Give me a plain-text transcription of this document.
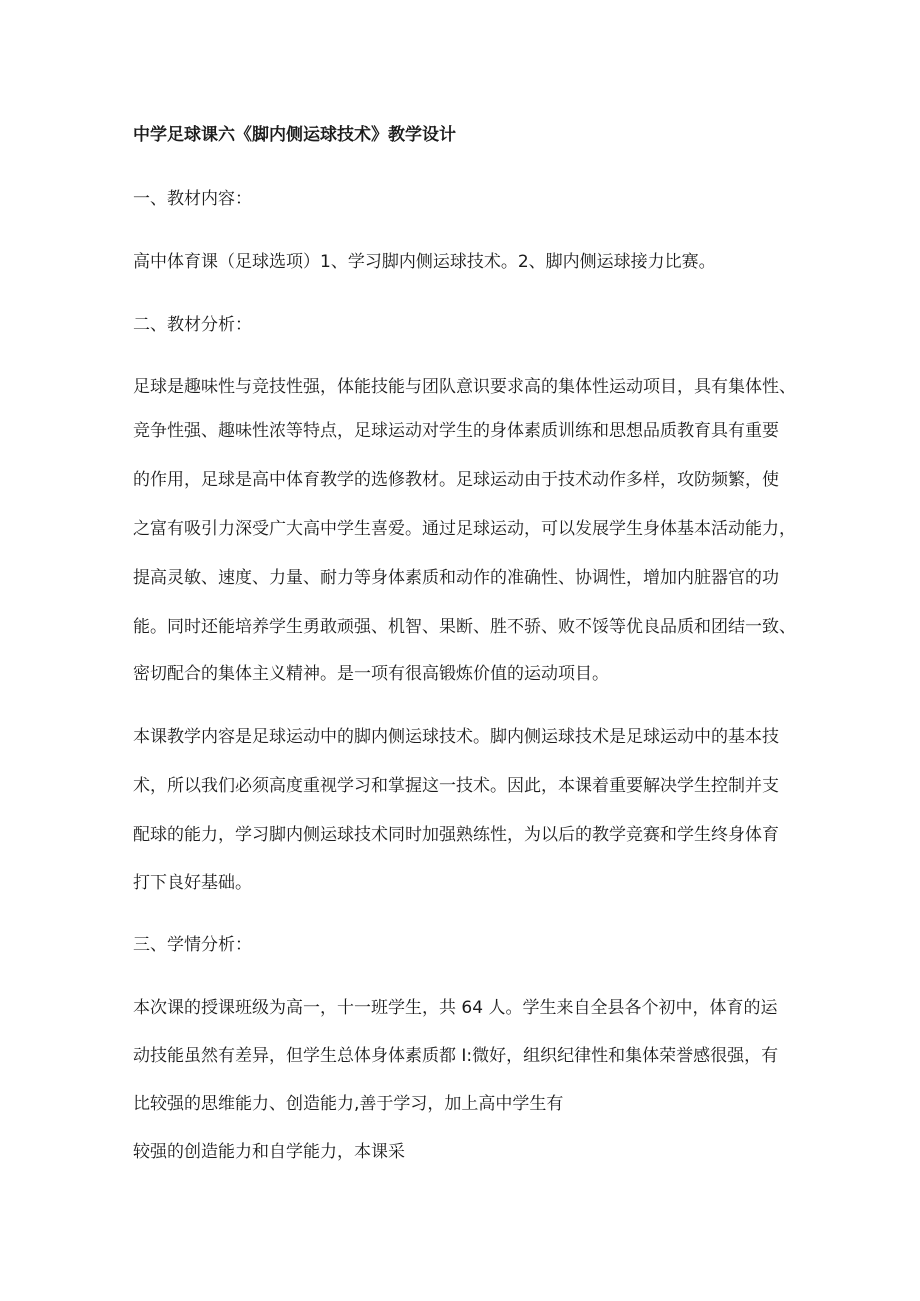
中学足球课六《脚内侧运球技术》教学设计
一、教材内容：
高中体育课（足球选项）1、学习脚内侧运球技术。2、脚内侧运球接力比赛。
二、教材分析：
足球是趣味性与竞技性强，体能技能与团队意识要求高的集体性运动项目，具有集体性、
竞争性强、趣味性浓等特点，足球运动对学生的身体素质训练和思想品质教育具有重要
的作用，足球是高中体育教学的选修教材。足球运动由于技术动作多样，攻防频繁，使
之富有吸引力深受广大高中学生喜爱。通过足球运动，可以发展学生身体基本活动能力，
提高灵敏、速度、力量、耐力等身体素质和动作的准确性、协调性，增加内脏器官的功
能。同时还能培养学生勇敢顽强、机智、果断、胜不骄、败不馁等优良品质和团结一致、
密切配合的集体主义精神。是一项有很高锻炼价值的运动项目。
本课教学内容是足球运动中的脚内侧运球技术。脚内侧运球技术是足球运动中的基本技
术，所以我们必须高度重视学习和掌握这一技术。因此，本课着重要解决学生控制并支
配球的能力，学习脚内侧运球技术同时加强熟练性，为以后的教学竞赛和学生终身体育
打下良好基础。
三、学情分析：
本次课的授课班级为高一，十一班学生，共 64 人。学生来自全县各个初中，体育的运
动技能虽然有差异，但学生总体身体素质都 I:微好，组织纪律性和集体荣誉感很强，有
比较强的思维能力、创造能力,善于学习，加上高中学生有
较强的创造能力和自学能力，本课采
